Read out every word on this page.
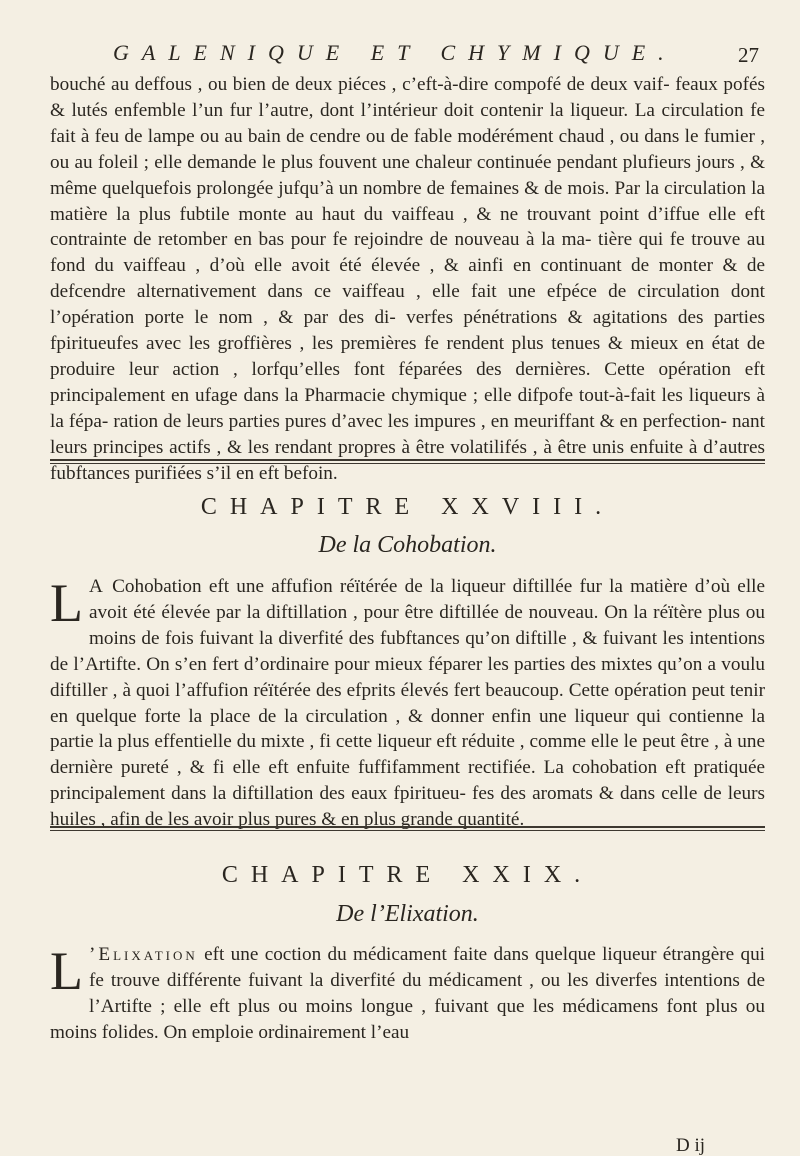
GALENIQUE ET CHYMIQUE.	27

bouché au deffous , ou bien de deux piéces , c’eft-à-dire compofé de deux vaif- feaux pofés & lutés enfemble l’un fur l’autre, dont l’intérieur doit contenir la liqueur. La circulation fe fait à feu de lampe ou au bain de cendre ou de fable modérément chaud , ou dans le fumier , ou au foleil ; elle demande le plus fouvent une chaleur continuée pendant plufieurs jours , & même quelquefois prolongée jufqu’à un nombre de femaines & de mois. Par la circulation la matière la plus fubtile monte au haut du vaiffeau , & ne trouvant point d’iffue elle eft contrainte de retomber en bas pour fe rejoindre de nouveau à la ma- tière qui fe trouve au fond du vaiffeau , d’où elle avoit été élevée , & ainfi en continuant de monter & de defcendre alternativement dans ce vaiffeau , elle fait une efpéce de circulation dont l’opération porte le nom , & par des di- verfes pénétrations & agitations des parties fpiritueufes avec les groffières , les premières fe rendent plus tenues & mieux en état de produire leur action , lorfqu’elles font féparées des dernières. Cette opération eft principalement en ufage dans la Pharmacie chymique ; elle difpofe tout-à-fait les liqueurs à la fépa- ration de leurs parties pures d’avec les impures , en meuriffant & en perfection- nant leurs principes actifs , & les rendant propres à être volatilifés , à être unis enfuite à d’autres fubftances purifiées s’il en eft befoin.

CHAPITRE XXVIII.
De la Cohobation.

L A Cohobation eft une affufion réïtérée de la liqueur diftillée fur la matière d’où elle avoit été élevée par la diftillation , pour être diftillée de nouveau. On la réïtère plus ou moins de fois fuivant la diverfité des fubftances qu’on diftille , & fuivant les intentions de l’Artifte. On s’en fert d’ordinaire pour mieux féparer les parties des mixtes qu’on a voulu diftiller , à quoi l’affufion réïtérée des efprits élevés fert beaucoup. Cette opération peut tenir en quelque forte la place de la circulation , & donner enfin une liqueur qui contienne la partie la plus effentielle du mixte , fi cette liqueur eft réduite , comme elle le peut être , à une dernière pureté , & fi elle eft enfuite fuffifamment rectifiée. La cohobation eft pratiquée principalement dans la diftillation des eaux fpiritueu- fes des aromats & dans celle de leurs huiles , afin de les avoir plus pures & en plus grande quantité.

CHAPITRE XXIX.
De l’Elixation.

L ’Elixation eft une coction du médicament faite dans quelque liqueur étrangère qui fe trouve différente fuivant la diverfité du médicament , ou les diverfes intentions de l’Artifte ; elle eft plus ou moins longue , fuivant que les médicamens font plus ou moins folides. On emploie ordinairement l’eau

D ij
